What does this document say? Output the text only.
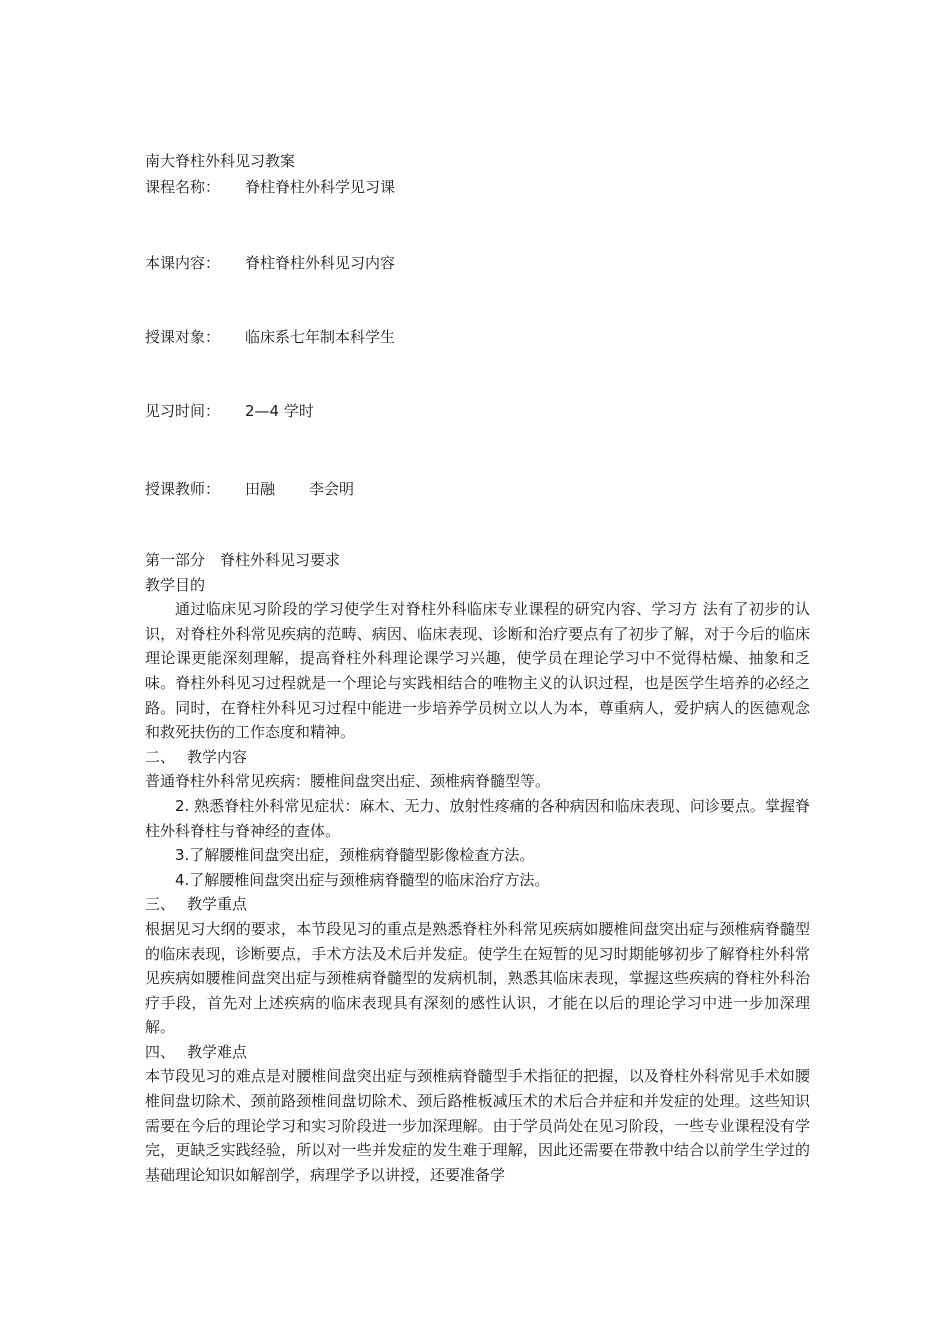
南大脊柱外科见习教案
课程名称： 脊柱脊柱外科学见习课
本课内容： 脊柱脊柱外科见习内容
授课对象： 临床系七年制本科学生
见习时间： 2—4 学时
授课教师： 田融 李会明
第一部分　脊柱外科见习要求
教学目的

通过临床见习阶段的学习使学生对脊柱外科临床专业课程的研究内容、学习方 法有了初步的认识，对脊柱外科常见疾病的范畴、病因、临床表现、诊断和治疗要点有了初步了解，对于今后的临床理论课更能深刻理解，提高脊柱外科理论课学习兴趣，使学员在理论学习中不觉得枯燥、抽象和乏味。脊柱外科见习过程就是一个理论与实践相结合的唯物主义的认识过程，也是医学生培养的必经之路。同时，在脊柱外科见习过程中能进一步培养学员树立以人为本，尊重病人，爱护病人的医德观念和救死扶伤的工作态度和精神。

二、 教学内容

普通脊柱外科常见疾病：腰椎间盘突出症、颈椎病脊髓型等。

2. 熟悉脊柱外科常见症状：麻木、无力、放射性疼痛的各种病因和临床表现、问诊要点。掌握脊柱外科脊柱与脊神经的查体。

3.了解腰椎间盘突出症，颈椎病脊髓型影像检查方法。

4.了解腰椎间盘突出症与颈椎病脊髓型的临床治疗方法。

三、 教学重点

根据见习大纲的要求，本节段见习的重点是熟悉脊柱外科常见疾病如腰椎间盘突出症与颈椎病脊髓型的临床表现，诊断要点，手术方法及术后并发症。使学生在短暂的见习时期能够初步了解脊柱外科常见疾病如腰椎间盘突出症与颈椎病脊髓型的发病机制，熟悉其临床表现，掌握这些疾病的脊柱外科治疗手段，首先对上述疾病的临床表现具有深刻的感性认识，才能在以后的理论学习中进一步加深理解。

四、 教学难点

本节段见习的难点是对腰椎间盘突出症与颈椎病脊髓型手术指征的把握，以及脊柱外科常见手术如腰椎间盘切除术、颈前路颈椎间盘切除术、颈后路椎板减压术的术后合并症和并发症的处理。这些知识需要在今后的理论学习和实习阶段进一步加深理解。由于学员尚处在见习阶段，一些专业课程没有学完，更缺乏实践经验，所以对一些并发症的发生难于理解，因此还需要在带教中结合以前学生学过的基础理论知识如解剖学，病理学予以讲授，还要准备学
